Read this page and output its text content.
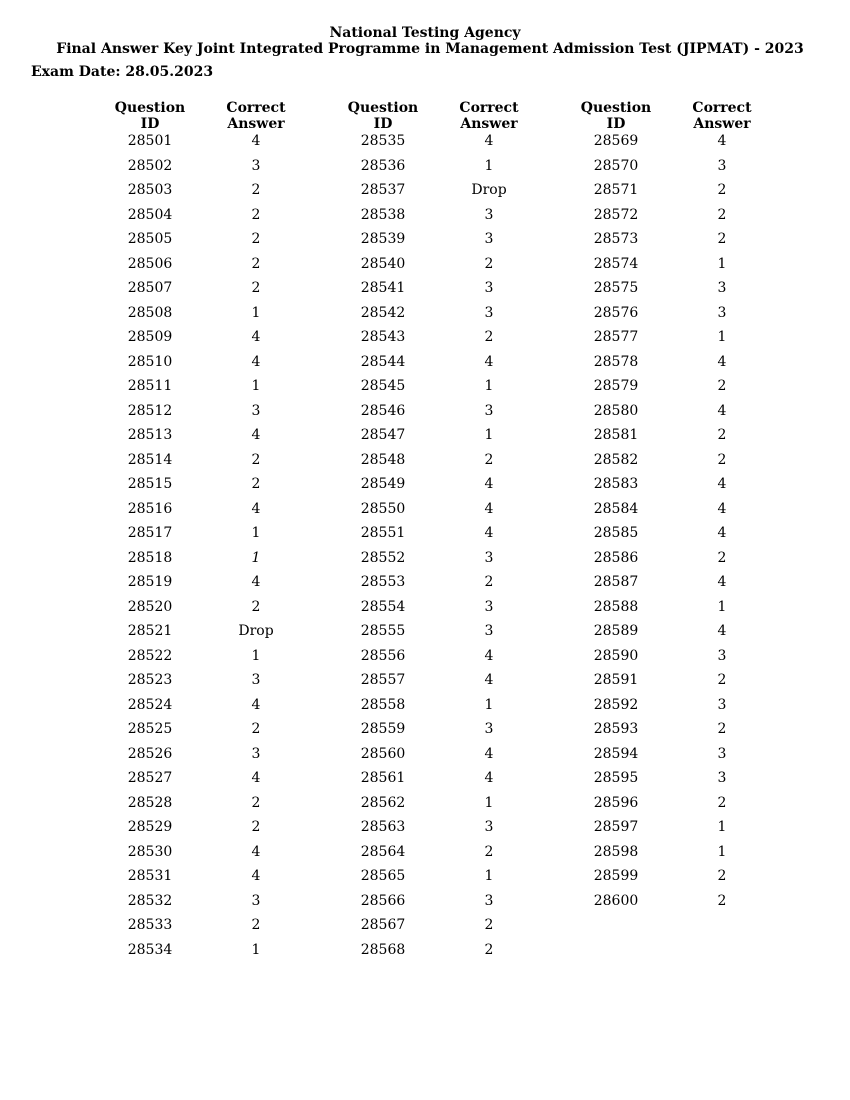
National Testing Agency
Final Answer Key Joint Integrated Programme in Management Admission Test (JIPMAT) - 2023
Exam Date: 28.05.2023
Question ID
Correct
Answer
28501	4
28502	3
28503	2
28504	2
28505	2
28506	2
28507	2
28508	1
28509	4
28510	4
28511	1
28512	3
28513	4
28514	2
28515	2
28516	4
28517	1
28518	1
28519	4
28520	2
28521	Drop
28522	1
28523	3
28524	4
28525	2
28526	3
28527	4
28528	2
28529	2
28530	4
28531	4
28532	3
28533	2
28534	1
Question ID
Correct
Answer
28535	4
28536	1
28537	Drop
28538	3
28539	3
28540	2
28541	3
28542	3
28543	2
28544	4
28545	1
28546	3
28547	1
28548	2
28549	4
28550	4
28551	4
28552	3
28553	2
28554	3
28555	3
28556	4
28557	4
28558	1
28559	3
28560	4
28561	4
28562	1
28563	3
28564	2
28565	1
28566	3
28567	2
28568	2
Question ID
Correct
Answer
28569	4
28570	3
28571	2
28572	2
28573	2
28574	1
28575	3
28576	3
28577	1
28578	4
28579	2
28580	4
28581	2
28582	2
28583	4
28584	4
28585	4
28586	2
28587	4
28588	1
28589	4
28590	3
28591	2
28592	3
28593	2
28594	3
28595	3
28596	2
28597	1
28598	1
28599	2
28600	2
